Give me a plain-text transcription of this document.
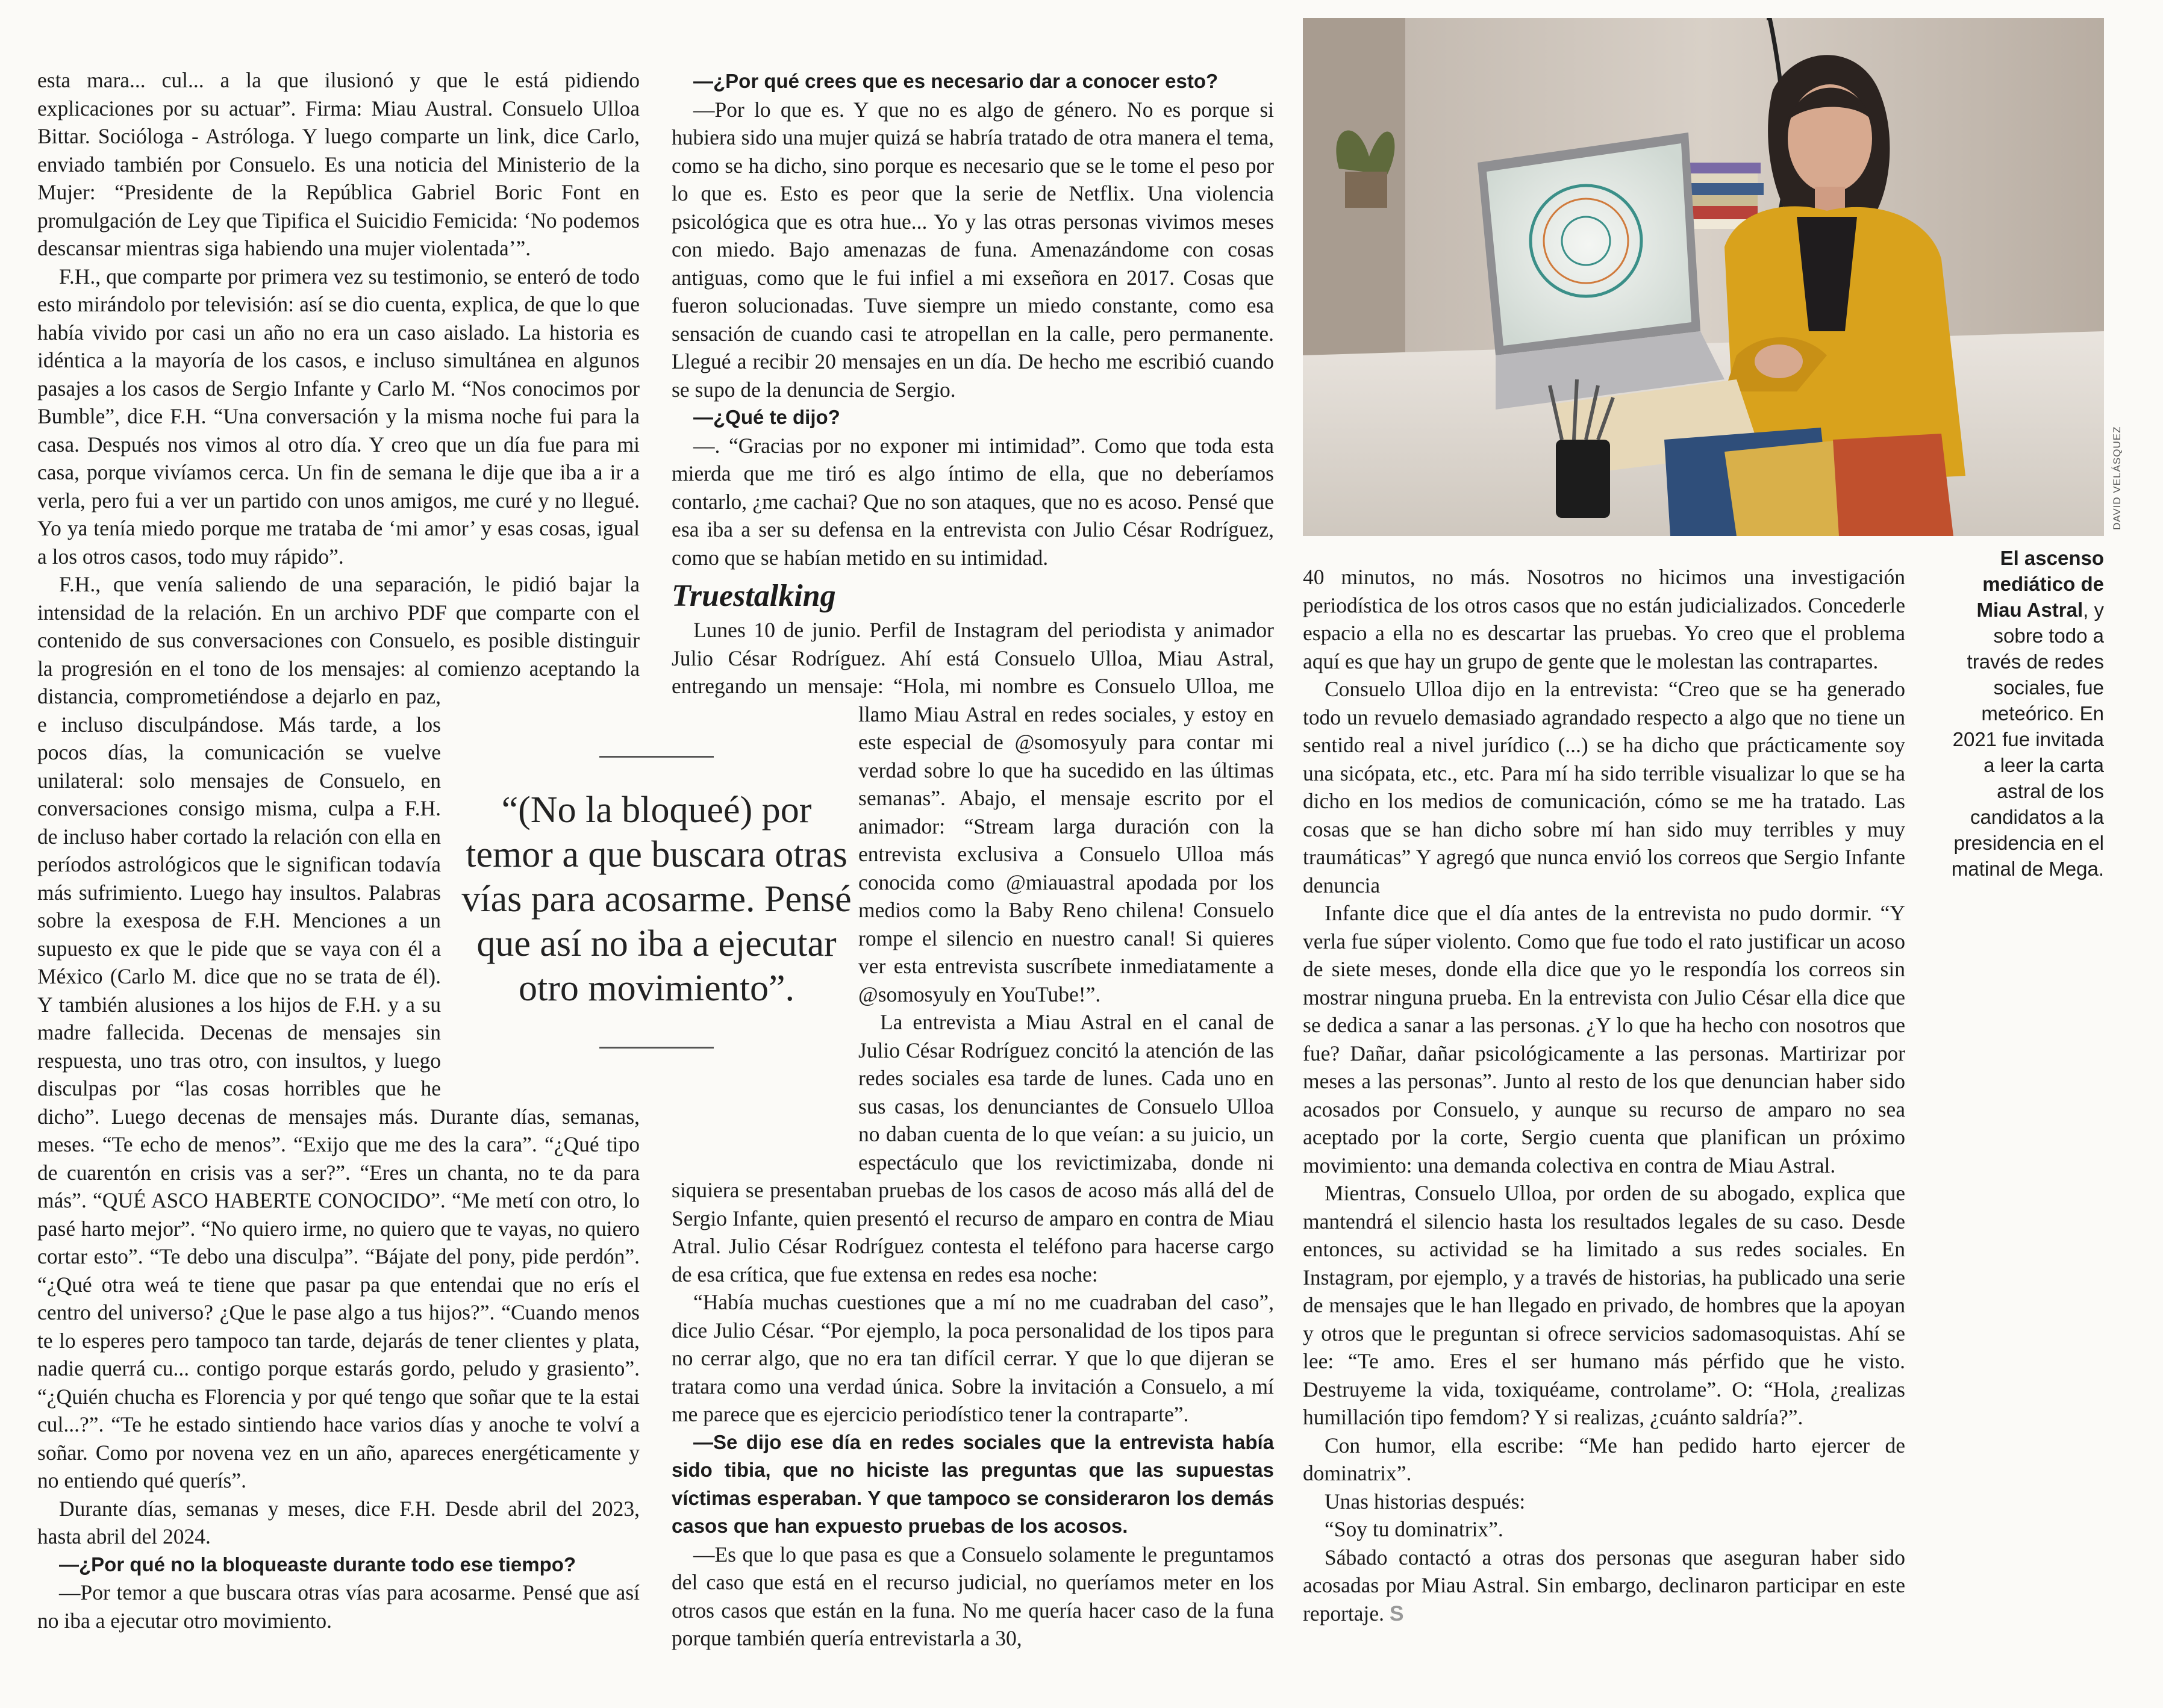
esta mara... cul... a la que ilusionó y que le está pidiendo explicaciones por su actuar”. Firma: Miau Austral. Consuelo Ulloa Bittar. Socióloga - Astróloga. Y luego comparte un link, dice Carlo, enviado también por Consuelo. Es una noticia del Ministerio de la Mujer: “Presidente de la República Gabriel Boric Font en promulgación de Ley que Tipifica el Suicidio Femicida: ‘No podemos descansar mientras siga habiendo una mujer violentada’”.

F.H., que comparte por primera vez su testimonio, se enteró de todo esto mirándolo por televisión: así se dio cuenta, explica, de que lo que había vivido por casi un año no era un caso aislado. La historia es idéntica a la mayoría de los casos, e incluso simultánea en algunos pasajes a los casos de Sergio Infante y Carlo M. “Nos conocimos por Bumble”, dice F.H. “Una conversación y la misma noche fui para la casa. Después nos vimos al otro día. Y creo que un día fue para mi casa, porque vivíamos cerca. Un fin de semana le dije que iba a ir a verla, pero fui a ver un partido con unos amigos, me curé y no llegué. Yo ya tenía miedo porque me trataba de ‘mi amor’ y esas cosas, igual a los otros casos, todo muy rápido”.

F.H., que venía saliendo de una separación, le pidió bajar la intensidad de la relación. En un archivo PDF que comparte con el contenido de sus conversaciones con Consuelo, es posible distinguir la progresión en el tono de los mensajes: al comienzo aceptando la distancia, comprometiéndose a dejarlo en paz, e incluso disculpándose. Más tarde, a los pocos días, la comunicación se vuelve unilateral: solo mensajes de Consuelo, en conversaciones consigo misma, culpa a F.H. de incluso haber cortado la relación con ella en períodos astrológicos que le significan todavía más sufrimiento. Luego hay insultos. Palabras sobre la exesposa de F.H. Menciones a un supuesto ex que le pide que se vaya con él a México (Carlo M. dice que no se trata de él). Y también alusiones a los hijos de F.H. y a su madre fallecida. Decenas de mensajes sin respuesta, uno tras otro, con insultos, y luego disculpas por “las cosas horribles que he dicho”. Luego decenas de mensajes más. Durante días, semanas, meses. “Te echo de menos”. “Exijo que me des la cara”. “¿Qué tipo de cuarentón en crisis vas a ser?”. “Eres un chanta, no te da para más”. “QUÉ ASCO HABERTE CONOCIDO”. “Me metí con otro, lo pasé harto mejor”. “No quiero irme, no quiero que te vayas, no quiero cortar esto”. “Te debo una disculpa”. “Bájate del pony, pide perdón”. “¿Qué otra weá te tiene que pasar pa que entendai que no erís el centro del universo? ¿Que le pase algo a tus hijos?”. “Cuando menos te lo esperes pero tampoco tan tarde, dejarás de tener clientes y plata, nadie querrá cu... contigo porque estarás gordo, peludo y grasiento”. “¿Quién chucha es Florencia y por qué tengo que soñar que te la estai cul...?”. “Te he estado sintiendo hace varios días y anoche te volví a soñar. Como por novena vez en un año, apareces energéticamente y no entiendo qué querís”.

Durante días, semanas y meses, dice F.H. Desde abril del 2023, hasta abril del 2024.

—¿Por qué no la bloqueaste durante todo ese tiempo?

—Por temor a que buscara otras vías para acosarme. Pensé que así no iba a ejecutar otro movimiento.

—¿Por qué crees que es necesario dar a conocer esto?

—Por lo que es. Y que no es algo de género. No es porque si hubiera sido una mujer quizá se habría tratado de otra manera el tema, como se ha dicho, sino porque es necesario que se le tome el peso por lo que es. Esto es peor que la serie de Netflix. Una violencia psicológica que es otra hue... Yo y las otras personas vivimos meses con miedo. Bajo amenazas de funa. Amenazándome con cosas antiguas, como que le fui infiel a mi exseñora en 2017. Cosas que fueron solucionadas. Tuve siempre un miedo constante, como esa sensación de cuando casi te atropellan en la calle, pero permanente. Llegué a recibir 20 mensajes en un día. De hecho me escribió cuando se supo de la denuncia de Sergio.

—¿Qué te dijo?

—. “Gracias por no exponer mi intimidad”. Como que toda esta mierda que me tiró es algo íntimo de ella, que no deberíamos contarlo, ¿me cachai? Que no son ataques, que no es acoso. Pensé que esa iba a ser su defensa en la entrevista con Julio César Rodríguez, como que se habían metido en su intimidad.

Truestalking

Lunes 10 de junio. Perfil de Instagram del periodista y animador Julio César Rodríguez. Ahí está Consuelo Ulloa, Miau Astral, entregando un mensaje: “Hola, mi nombre es Consuelo Ulloa, me llamo Miau Astral en redes sociales, y estoy en este especial de @somosyuly para contar mi verdad sobre lo que ha sucedido en las últimas semanas”. Abajo, el mensaje escrito por el animador: “Stream larga duración con la entrevista exclusiva a Consuelo Ulloa más conocida como @miauastral apodada por los medios como la Baby Reno chilena! Consuelo rompe el silencio en nuestro canal! Si quieres ver esta entrevista suscríbete inmediatamente a @somosyuly en YouTube!”.

La entrevista a Miau Astral en el canal de Julio César Rodríguez concitó la atención de las redes sociales esa tarde de lunes. Cada uno en sus casas, los denunciantes de Consuelo Ulloa no daban cuenta de lo que veían: a su juicio, un espectáculo que los revictimizaba, donde ni siquiera se presentaban pruebas de los casos de acoso más allá del de Sergio Infante, quien presentó el recurso de amparo en contra de Miau Atral. Julio César Rodríguez contesta el teléfono para hacerse cargo de esa crítica, que fue extensa en redes esa noche:

“Había muchas cuestiones que a mí no me cuadraban del caso”, dice Julio César. “Por ejemplo, la poca personalidad de los tipos para no cerrar algo, que no era tan difícil cerrar. Y que lo que dijeran se tratara como una verdad única. Sobre la invitación a Consuelo, a mí me parece que es ejercicio periodístico tener la contraparte”.

—Se dijo ese día en redes sociales que la entrevista había sido tibia, que no hiciste las preguntas que las supuestas víctimas esperaban. Y que tampoco se consideraron los demás casos que han expuesto pruebas de los acosos.

—Es que lo que pasa es que a Consuelo solamente le preguntamos del caso que está en el recurso judicial, no queríamos meter en los otros casos que están en la funa. No me quería hacer caso de la funa porque también quería entrevistarla a 30,

“(No la bloqueé) por temor a que buscara otras vías para acosarme. Pensé que así no iba a ejecutar otro movimiento”.
DAVID VELÁSQUEZ
El ascenso mediático de Miau Astral, y sobre todo a través de redes sociales, fue meteórico. En 2021 fue invitada a leer la carta astral de los candidatos a la presidencia en el matinal de Mega.

40 minutos, no más. Nosotros no hicimos una investigación periodística de los otros casos que no están judicializados. Concederle espacio a ella no es descartar las pruebas. Yo creo que el problema aquí es que hay un grupo de gente que le molestan las contrapartes.

Consuelo Ulloa dijo en la entrevista: “Creo que se ha generado todo un revuelo demasiado agrandado respecto a algo que no tiene un sentido real a nivel jurídico (...) se ha dicho que prácticamente soy una sicópata, etc., etc. Para mí ha sido terrible visualizar lo que se ha dicho en los medios de comunicación, cómo se me ha tratado. Las cosas que se han dicho sobre mí han sido muy terribles y muy traumáticas” Y agregó que nunca envió los correos que Sergio Infante denuncia

Infante dice que el día antes de la entrevista no pudo dormir. “Y verla fue súper violento. Como que fue todo el rato justificar un acoso de siete meses, donde ella dice que yo le respondía los correos sin mostrar ninguna prueba. En la entrevista con Julio César ella dice que se dedica a sanar a las personas. ¿Y lo que ha hecho con nosotros que fue? Dañar, dañar psicológicamente a las personas. Martirizar por meses a las personas”. Junto al resto de los que denuncian haber sido acosados por Consuelo, y aunque su recurso de amparo no sea aceptado por la corte, Sergio cuenta que planifican un próximo movimiento: una demanda colectiva en contra de Miau Astral.

Mientras, Consuelo Ulloa, por orden de su abogado, explica que mantendrá el silencio hasta los resultados legales de su caso. Desde entonces, su actividad se ha limitado a sus redes sociales. En Instagram, por ejemplo, y a través de historias, ha publicado una serie de mensajes que le han llegado en privado, de hombres que la apoyan y otros que le preguntan si ofrece servicios sadomasoquistas. Ahí se lee: “Te amo. Eres el ser humano más pérfido que he visto. Destruyeme la vida, toxiquéame, controlame”. O: “Hola, ¿realizas humillación tipo femdom? Y si realizas, ¿cuánto saldría?”.

Con humor, ella escribe: “Me han pedido harto ejercer de dominatrix”.

Unas historias después:

“Soy tu dominatrix”.

Sábado contactó a otras dos personas que aseguran haber sido acosadas por Miau Astral. Sin embargo, declinaron participar en este reportaje. S
